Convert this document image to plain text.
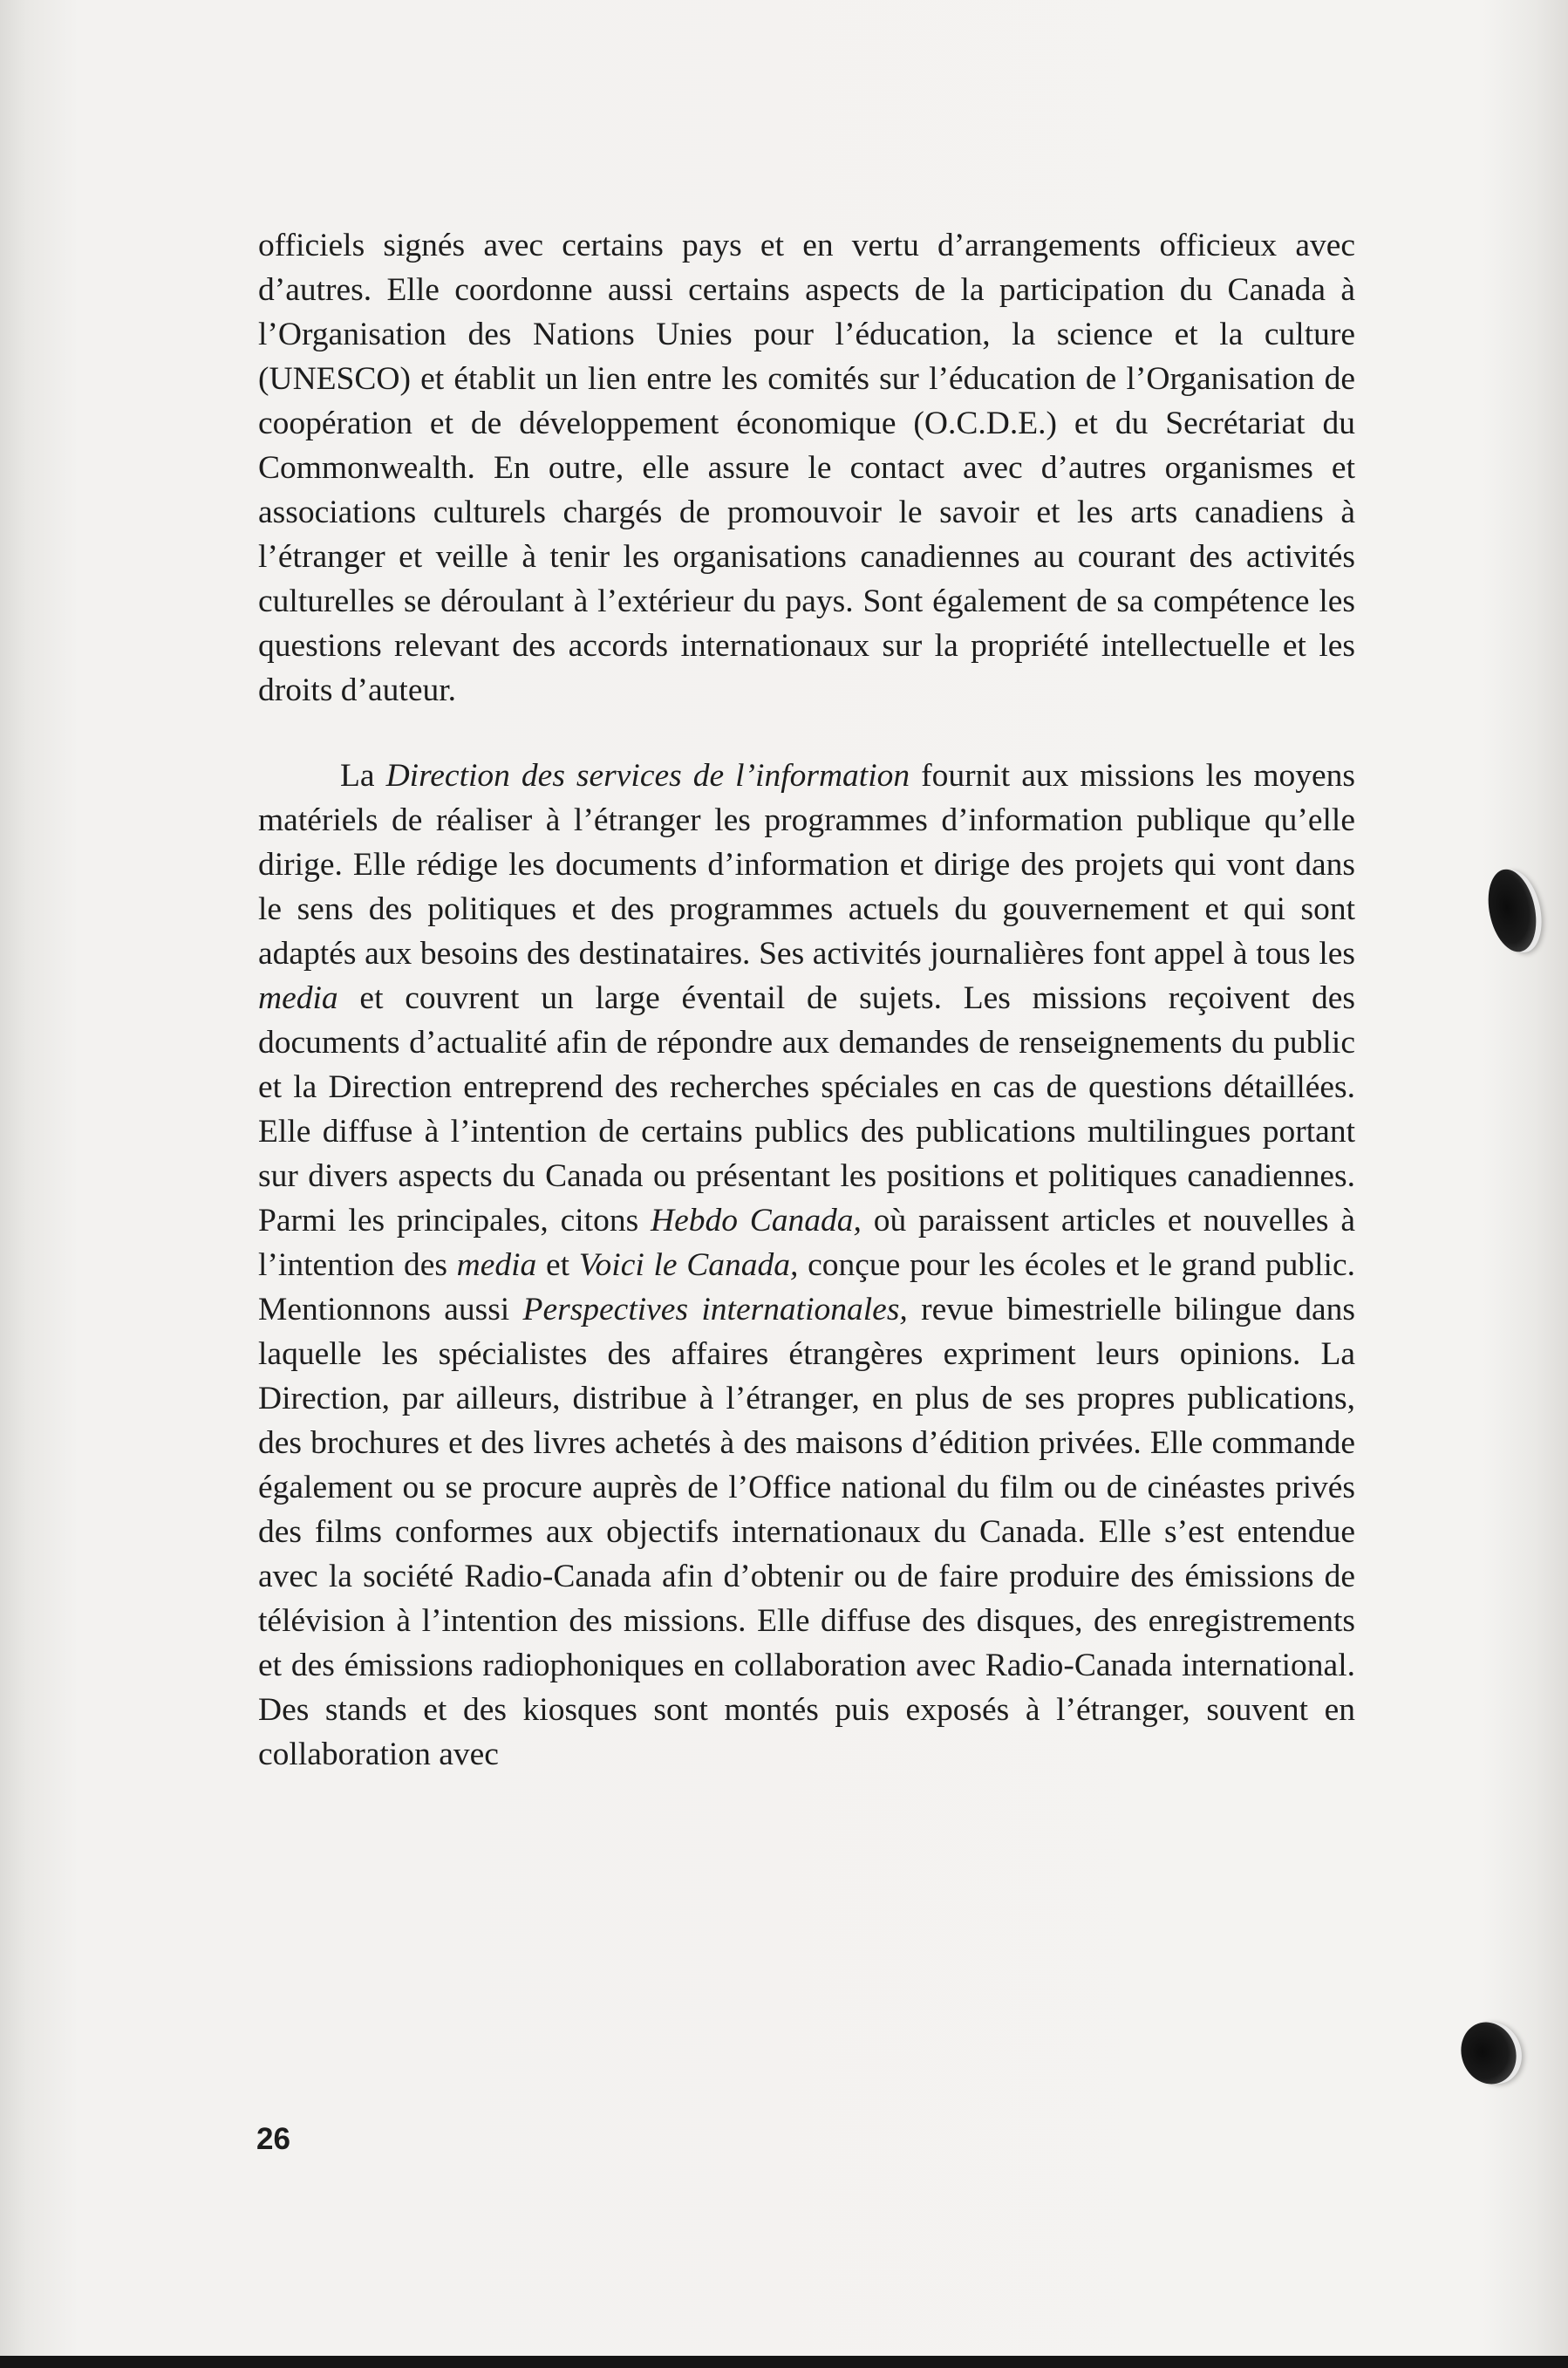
officiels signés avec certains pays et en vertu d’arrangements officieux avec d’autres. Elle coordonne aussi certains aspects de la participation du Canada à l’Organisation des Nations Unies pour l’éducation, la science et la culture (UNESCO) et établit un lien entre les comités sur l’éducation de l’Organisation de coopération et de développement économique (O.C.D.E.) et du Secrétariat du Commonwealth. En outre, elle assure le contact avec d’autres organismes et associations culturels chargés de promouvoir le savoir et les arts canadiens à l’étranger et veille à tenir les organisations canadiennes au courant des activités culturelles se déroulant à l’extérieur du pays. Sont également de sa compétence les questions relevant des accords internationaux sur la propriété intellectuelle et les droits d’auteur.

La Direction des services de l’information fournit aux missions les moyens matériels de réaliser à l’étranger les programmes d’information publique qu’elle dirige. Elle rédige les documents d’information et dirige des projets qui vont dans le sens des politiques et des programmes actuels du gouvernement et qui sont adaptés aux besoins des destinataires. Ses activités journalières font appel à tous les media et couvrent un large éventail de sujets. Les missions reçoivent des documents d’actualité afin de répondre aux demandes de renseignements du public et la Direction entreprend des recherches spéciales en cas de questions détaillées. Elle diffuse à l’intention de certains publics des publications multilingues portant sur divers aspects du Canada ou présentant les positions et politiques canadiennes. Parmi les principales, citons Hebdo Canada, où paraissent articles et nouvelles à l’intention des media et Voici le Canada, conçue pour les écoles et le grand public. Mentionnons aussi Perspectives internationales, revue bimestrielle bilingue dans laquelle les spécialistes des affaires étrangères expriment leurs opinions. La Direction, par ailleurs, distribue à l’étranger, en plus de ses propres publications, des brochures et des livres achetés à des maisons d’édition privées. Elle commande également ou se procure auprès de l’Office national du film ou de cinéastes privés des films conformes aux objectifs internationaux du Canada. Elle s’est entendue avec la société Radio-Canada afin d’obtenir ou de faire produire des émissions de télévision à l’intention des missions. Elle diffuse des disques, des enregistrements et des émissions radiophoniques en collaboration avec Radio-Canada international. Des stands et des kiosques sont montés puis exposés à l’étranger, souvent en collaboration avec

26
